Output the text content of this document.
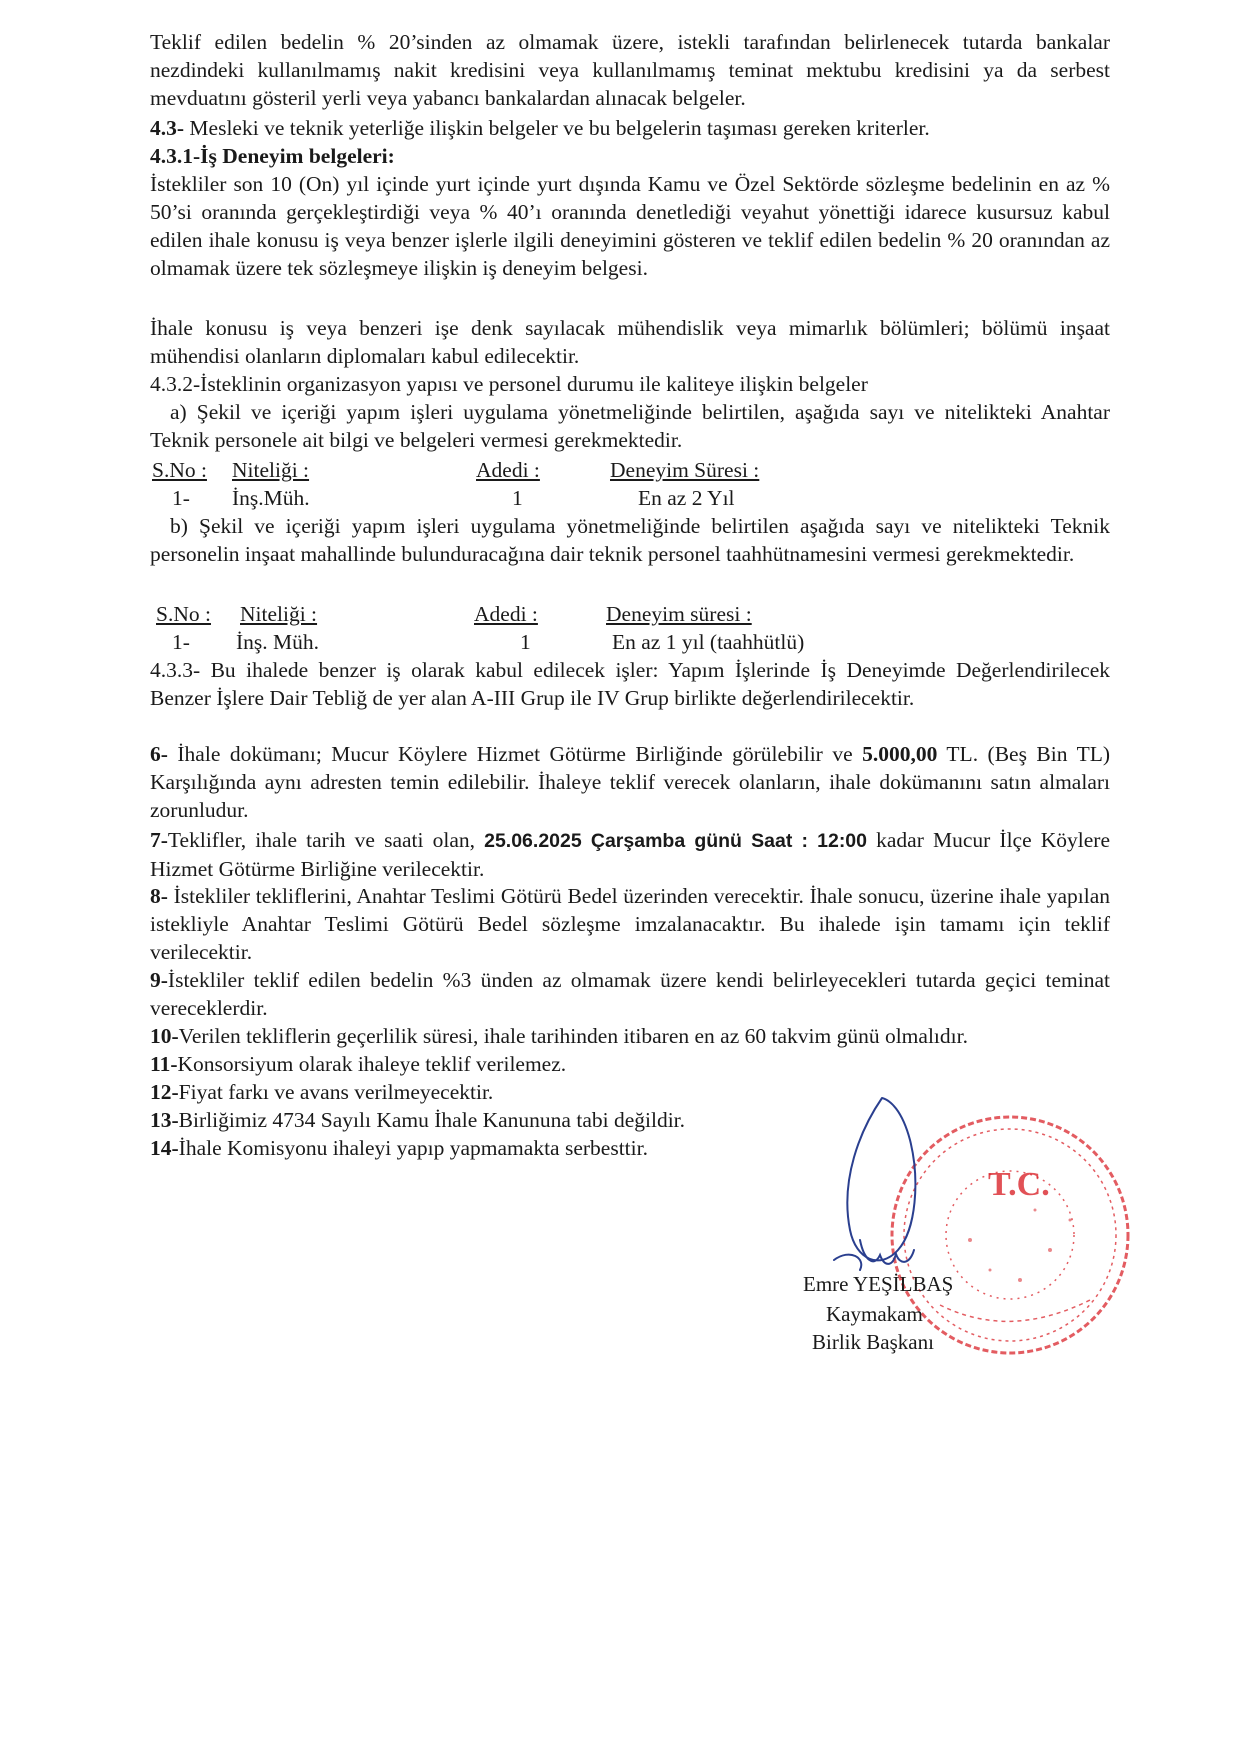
Teklif edilen bedelin % 20’sinden az olmamak üzere, istekli tarafından belirlenecek tutarda bankalar nezdindeki kullanılmamış nakit kredisini veya kullanılmamış teminat mektubu kredisini ya da serbest mevduatını gösteril yerli veya yabancı bankalardan alınacak belgeler.
4.3- Mesleki ve teknik yeterliğe ilişkin belgeler ve bu belgelerin taşıması gereken kriterler.
4.3.1-İş Deneyim belgeleri:
İstekliler son 10 (On) yıl içinde yurt içinde yurt dışında Kamu ve Özel Sektörde sözleşme bedelinin en az % 50’si oranında gerçekleştirdiği veya % 40’ı oranında denetlediği veyahut yönettiği idarece kusursuz kabul edilen ihale konusu iş veya benzer işlerle ilgili deneyimini gösteren ve teklif edilen bedelin % 20 oranından az olmamak üzere tek sözleşmeye ilişkin iş deneyim belgesi.
İhale konusu iş veya benzeri işe denk sayılacak mühendislik veya mimarlık bölümleri; bölümü inşaat mühendisi olanların diplomaları kabul edilecektir.
4.3.2-İsteklinin organizasyon yapısı ve personel durumu ile kaliteye ilişkin belgeler
a) Şekil ve içeriği yapım işleri uygulama yönetmeliğinde belirtilen, aşağıda sayı ve nitelikteki Anahtar Teknik personele ait bilgi ve belgeleri vermesi gerekmektedir.
S.No : Niteliği :	Adedi :	Deneyim Süresi :
1- İnş.Müh.	1	En az 2 Yıl
b) Şekil ve içeriği yapım işleri uygulama yönetmeliğinde belirtilen aşağıda sayı ve nitelikteki Teknik personelin inşaat mahallinde bulunduracağına dair teknik personel taahhütnamesini vermesi gerekmektedir.
S.No : Niteliği :	Adedi :	Deneyim süresi :
1- İnş. Müh.	1	En az 1 yıl (taahhütlü)
4.3.3- Bu ihalede benzer iş olarak kabul edilecek işler: Yapım İşlerinde İş Deneyimde Değerlendirilecek Benzer İşlere Dair Tebliğ de yer alan A-III Grup ile IV Grup birlikte değerlendirilecektir.
6- İhale dokümanı; Mucur Köylere Hizmet Götürme Birliğinde görülebilir ve 5.000,00 TL. (Beş Bin TL) Karşılığında aynı adresten temin edilebilir. İhaleye teklif verecek olanların, ihale dokümanını satın almaları zorunludur.
7-Teklifler, ihale tarih ve saati olan, 25.06.2025 Çarşamba günü Saat : 12:00 kadar Mucur İlçe Köylere Hizmet Götürme Birliğine verilecektir.
8- İstekliler tekliflerini, Anahtar Teslimi Götürü Bedel üzerinden verecektir. İhale sonucu, üzerine ihale yapılan istekliyle Anahtar Teslimi Götürü Bedel sözleşme imzalanacaktır. Bu ihalede işin tamamı için teklif verilecektir.
9-İstekliler teklif edilen bedelin %3 ünden az olmamak üzere kendi belirleyecekleri tutarda geçici teminat vereceklerdir.
10-Verilen tekliflerin geçerlilik süresi, ihale tarihinden itibaren en az 60 takvim günü olmalıdır.
11-Konsorsiyum olarak ihaleye teklif verilemez.
12-Fiyat farkı ve avans verilmeyecektir.
13-Birliğimiz 4734 Sayılı Kamu İhale Kanununa tabi değildir.
14-İhale Komisyonu ihaleyi yapıp yapmamakta serbesttir.
T.C.
Emre YEŞİLBAŞ
Kaymakam
Birlik Başkanı
